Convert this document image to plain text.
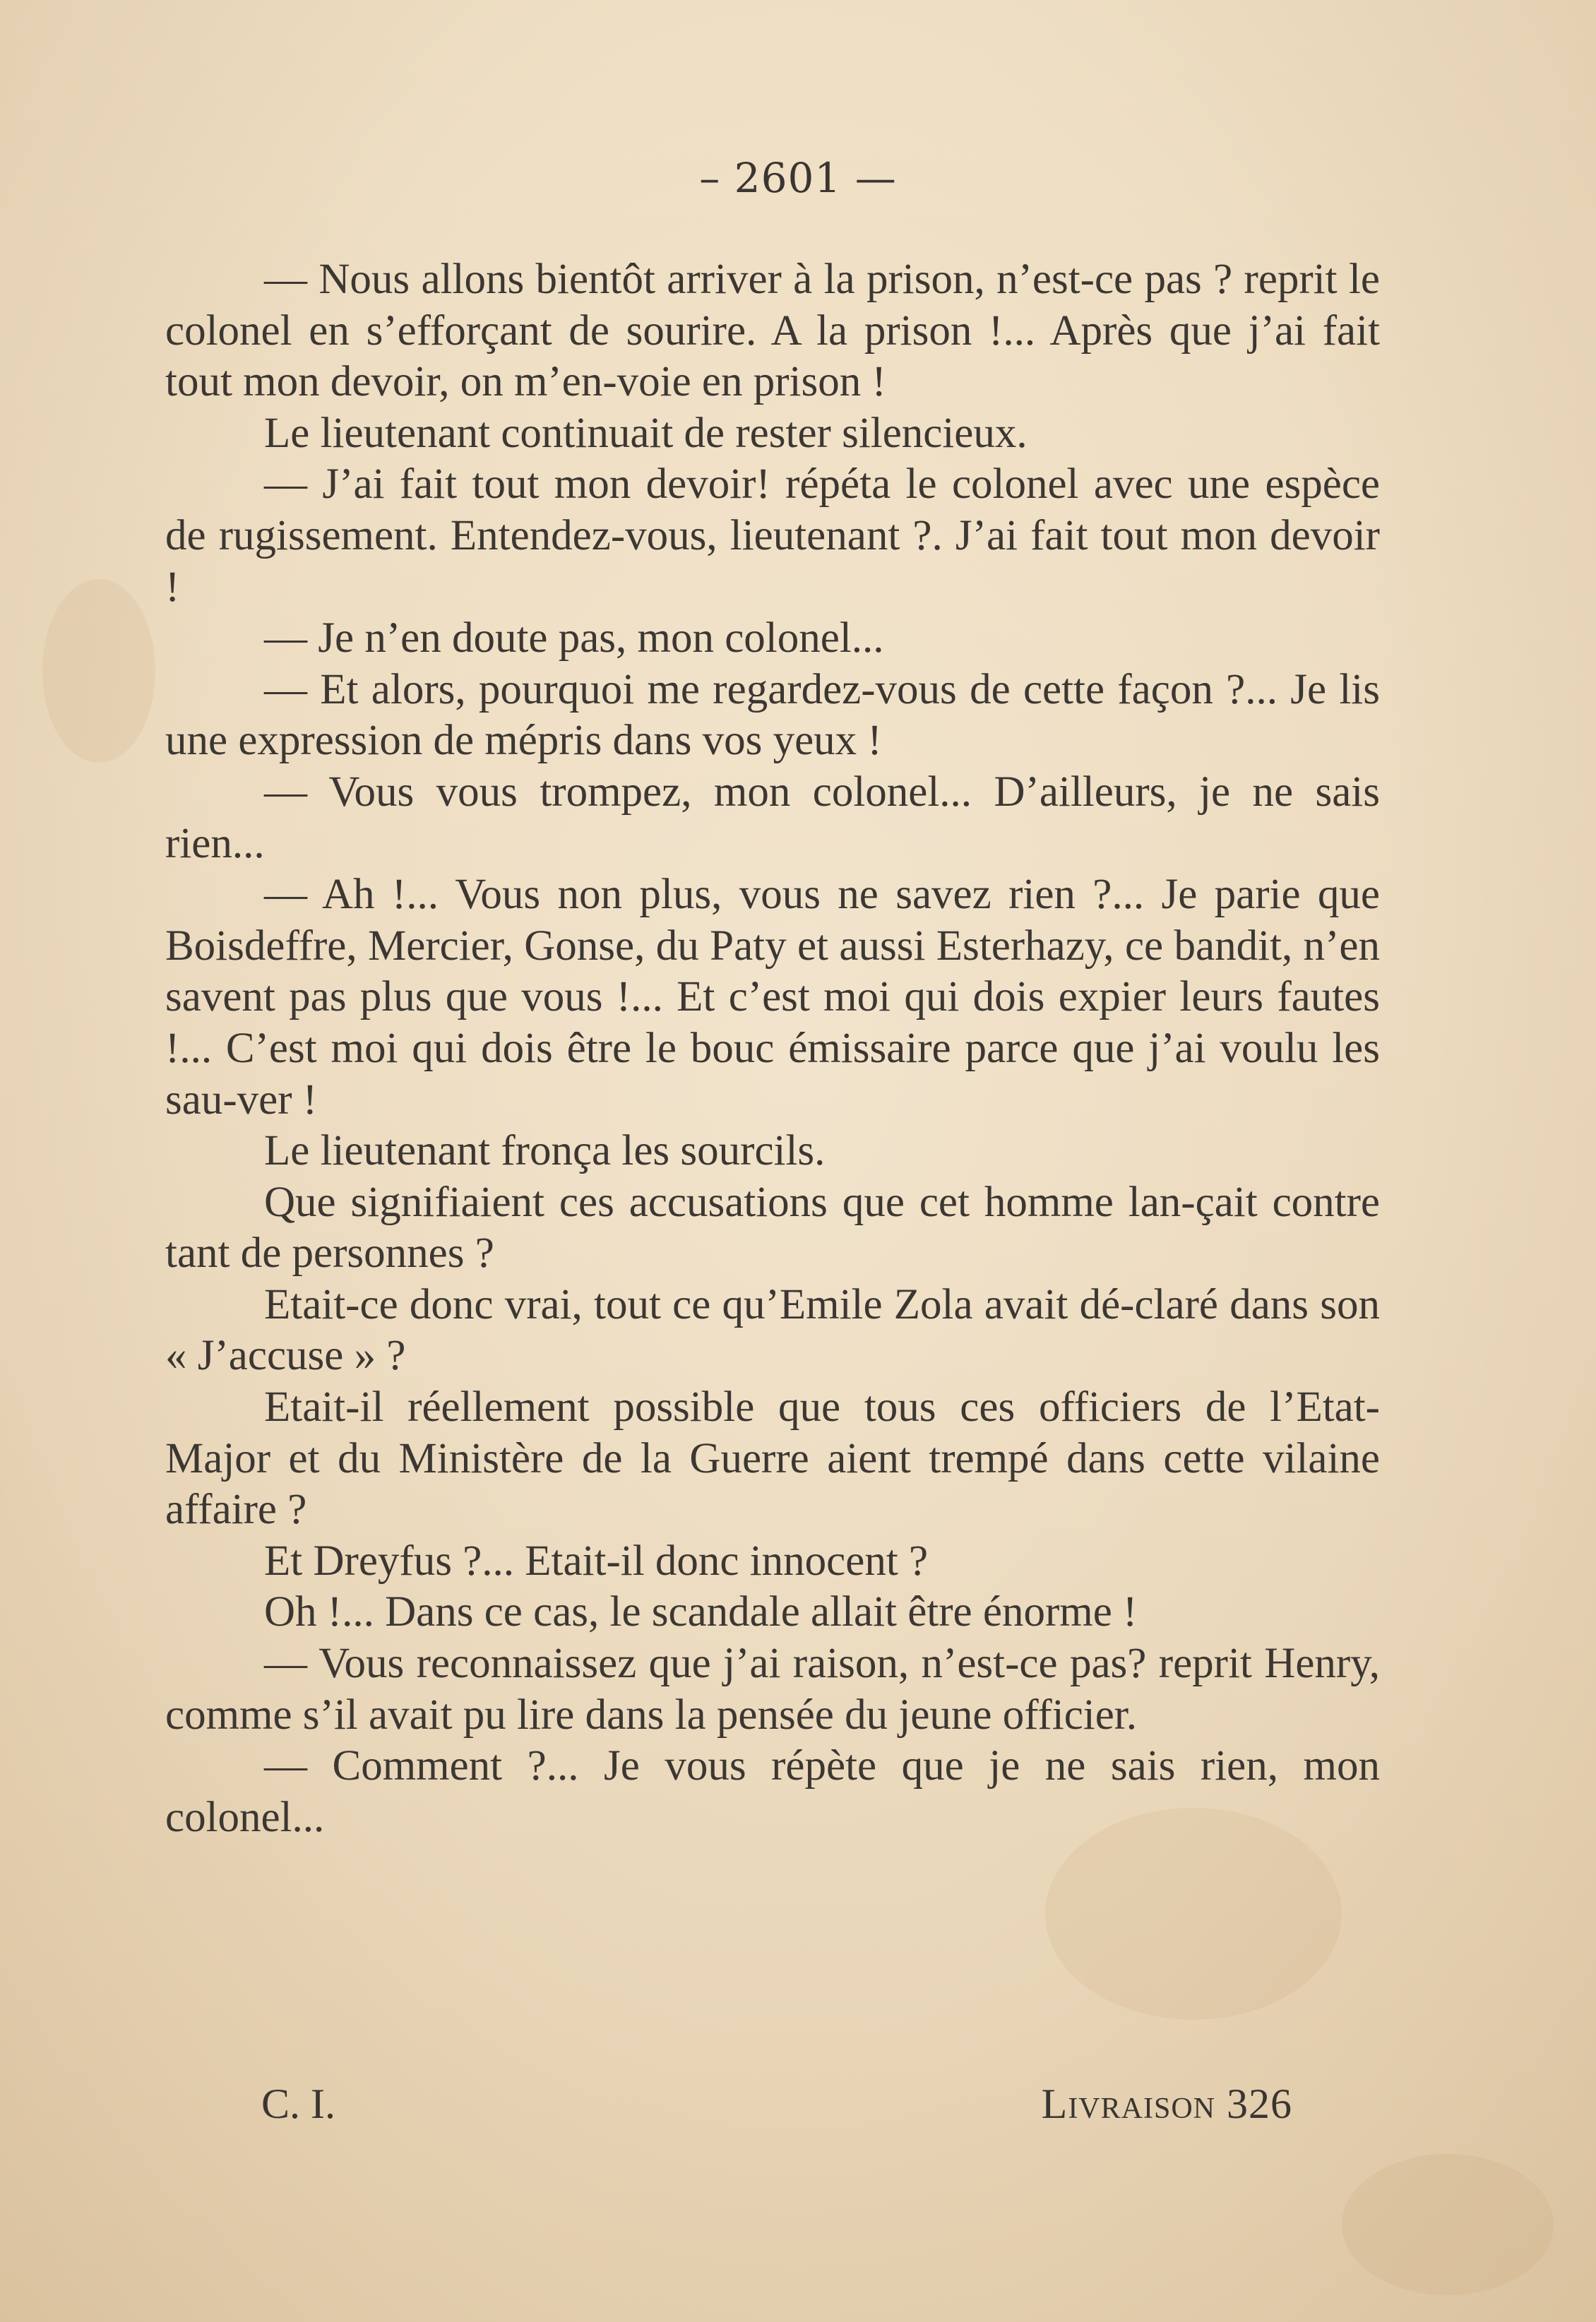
– 2601 —

— Nous allons bientôt arriver à la prison, n’est-ce pas ? reprit le colonel en s’efforçant de sourire. A la prison !... Après que j’ai fait tout mon devoir, on m’en-voie en prison !

Le lieutenant continuait de rester silencieux.

— J’ai fait tout mon devoir! répéta le colonel avec une espèce de rugissement. Entendez-vous, lieutenant ?. J’ai fait tout mon devoir !

— Je n’en doute pas, mon colonel...

— Et alors, pourquoi me regardez-vous de cette façon ?... Je lis une expression de mépris dans vos yeux !

— Vous vous trompez, mon colonel... D’ailleurs, je ne sais rien...

— Ah !... Vous non plus, vous ne savez rien ?... Je parie que Boisdeffre, Mercier, Gonse, du Paty et aussi Esterhazy, ce bandit, n’en savent pas plus que vous !... Et c’est moi qui dois expier leurs fautes !... C’est moi qui dois être le bouc émissaire parce que j’ai voulu les sau-ver !

Le lieutenant fronça les sourcils.

Que signifiaient ces accusations que cet homme lan-çait contre tant de personnes ?

Etait-ce donc vrai, tout ce qu’Emile Zola avait dé-claré dans son « J’accuse » ?

Etait-il réellement possible que tous ces officiers de l’Etat-Major et du Ministère de la Guerre aient trempé dans cette vilaine affaire ?

Et Dreyfus ?... Etait-il donc innocent ?

Oh !... Dans ce cas, le scandale allait être énorme !

— Vous reconnaissez que j’ai raison, n’est-ce pas? reprit Henry, comme s’il avait pu lire dans la pensée du jeune officier.

— Comment ?... Je vous répète que je ne sais rien, mon colonel...

C. I.	Livraison 326
